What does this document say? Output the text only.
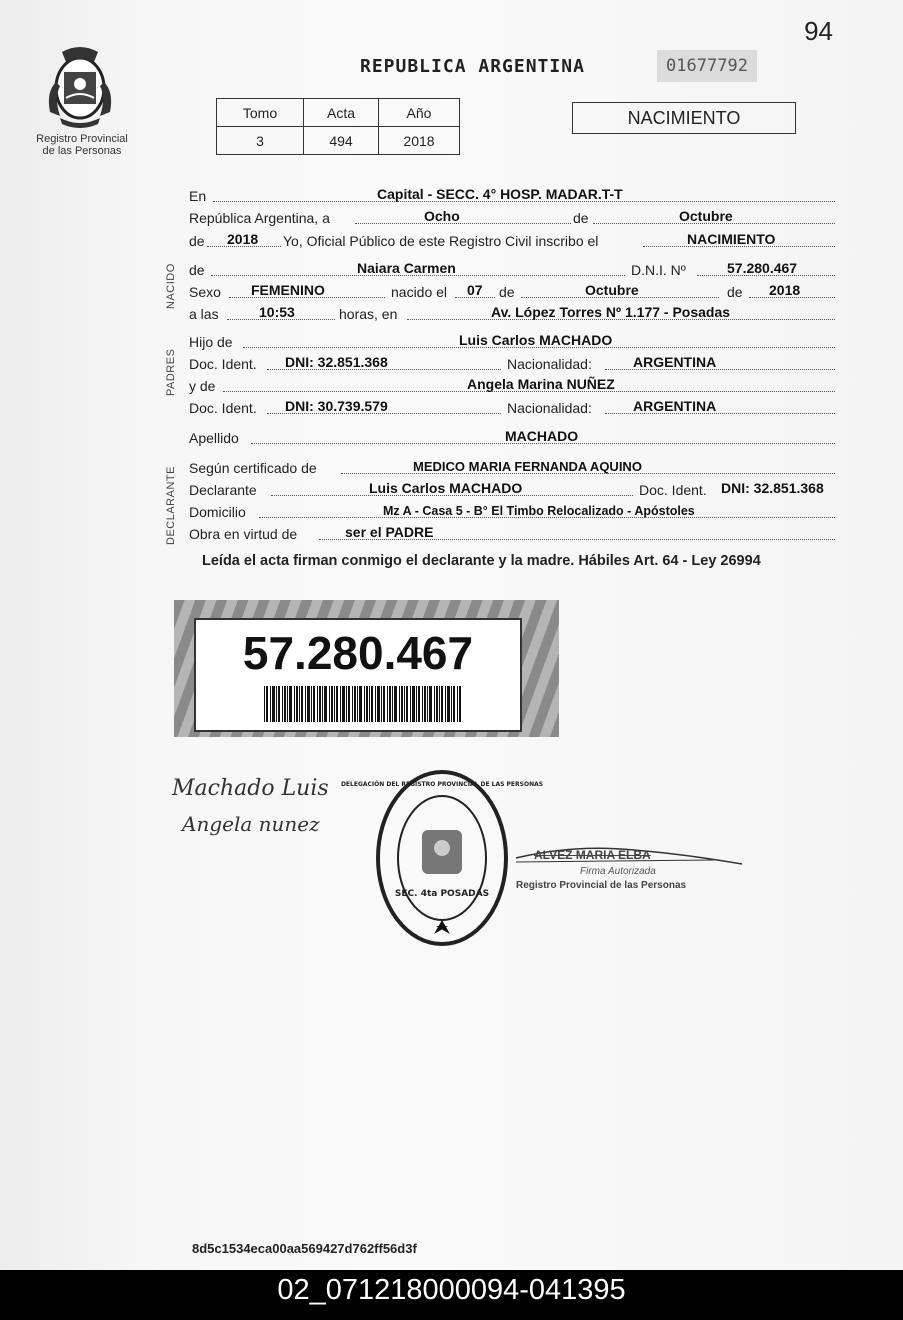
94
Registro Provincial
de las Personas
REPUBLICA ARGENTINA	01677792
Tomo	Acta	Año
3	494	2018
NACIMIENTO
En	Capital - SECC. 4° HOSP. MADAR.T-T
República Argentina, a	Ocho	de	Octubre
de 2018 Yo, Oficial Público de este Registro Civil inscribo el	NACIMIENTO
NACIDO de	Naiara Carmen	D.N.I. Nº	57.280.467
Sexo FEMENINO	nacido el 07 de	Octubre	de 2018
a las	10:53	horas, en	Av. López Torres Nº 1.177 - Posadas
PADRES
Hijo de	Luis Carlos MACHADO
Doc. Ident. DNI: 32.851.368	Nacionalidad:	ARGENTINA
y de	Angela Marina NUÑEZ
Doc. Ident. DNI: 30.739.579	Nacionalidad:	ARGENTINA
Apellido	MACHADO
DECLARANTE Según certificado de	MEDICO MARIA FERNANDA AQUINO
Declarante	Luis Carlos MACHADO	Doc. Ident. DNI: 32.851.368
Domicilio	Mz A - Casa 5 - B° El Timbo Relocalizado - Apóstoles
Obra en virtud de	ser el PADRE
Leída el acta firman conmigo el declarante y la madre. Hábiles Art. 64 - Ley 26994
57.280.467
Machado Luis
Angela nunez
SEC. 4ta POSADAS
DELEGACIÓN DEL REGISTRO PROVINCIAL DE LAS PERSONAS
ALVEZ MARIA ELBA
Firma Autorizada
Registro Provincial de las Personas
8d5c1534eca00aa569427d762ff56d3f
02_071218000094-041395
